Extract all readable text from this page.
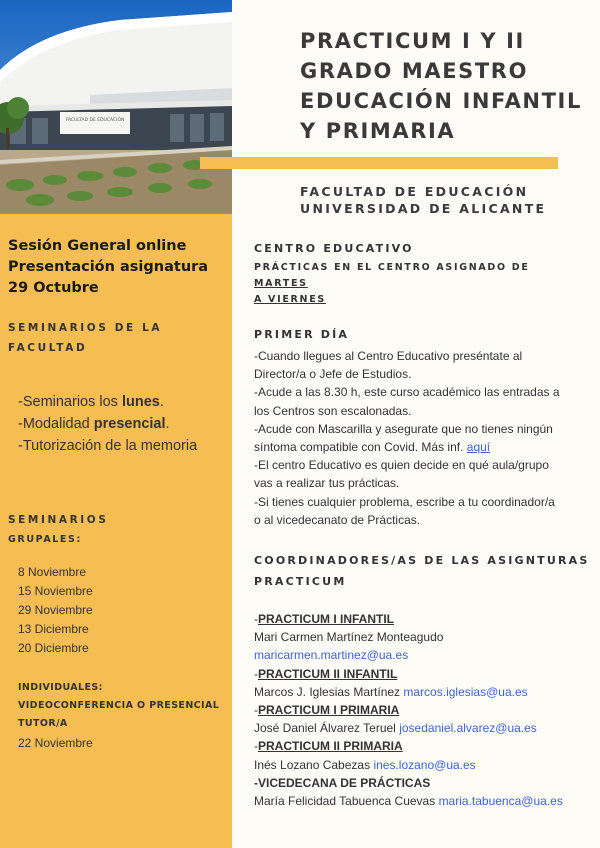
FACULTAD DE EDUCACIÓN
PRACTICUM I Y II
GRADO MAESTRO
EDUCACIÓN INFANTIL
Y PRIMARIA
FACULTAD DE EDUCACIÓN
UNIVERSIDAD DE ALICANTE
Sesión General online
Presentación asignatura
29 Octubre
SEMINARIOS DE LA
FACULTAD
-Seminarios los lunes.
-Modalidad presencial.
-Tutorización de la memoria
SEMINARIOS
GRUPALES:
8 Noviembre
15 Noviembre
29 Noviembre
13 Diciembre
20 Diciembre
INDIVIDUALES:
VIDEOCONFERENCIA O PRESENCIAL
TUTOR/A
22 Noviembre
CENTRO EDUCATIVO
PRÁCTICAS EN EL CENTRO ASIGNADO DE MARTES
A VIERNES
PRIMER DÍA
-Cuando llegues al Centro Educativo preséntate al
Director/a o Jefe de Estudios.
-Acude a las 8.30 h, este curso académico las entradas a
los Centros son escalonadas.
-Acude con Mascarilla y asegurate que no tienes ningún
síntoma compatible con Covid. Más inf. aquí
-El centro Educativo es quien decide en qué aula/grupo
vas a realizar tus prácticas.
-Si tienes cualquier problema, escribe a tu coordinador/a
o al vicedecanato de Prácticas.
COORDINADORES/AS DE LAS ASIGNTURAS
PRACTICUM
-PRACTICUM I INFANTIL
Mari Carmen Martínez Monteagudo
maricarmen.martinez@ua.es
-PRACTICUM II INFANTIL
Marcos J. Iglesias Martínez marcos.iglesias@ua.es
-PRACTICUM I PRIMARIA
José Daniel Álvarez Teruel josedaniel.alvarez@ua.es
-PRACTICUM II PRIMARIA
Inés Lozano Cabezas ines.lozano@ua.es
-VICEDECANA DE PRÁCTICAS
María Felicidad Tabuenca Cuevas maria.tabuenca@ua.es
